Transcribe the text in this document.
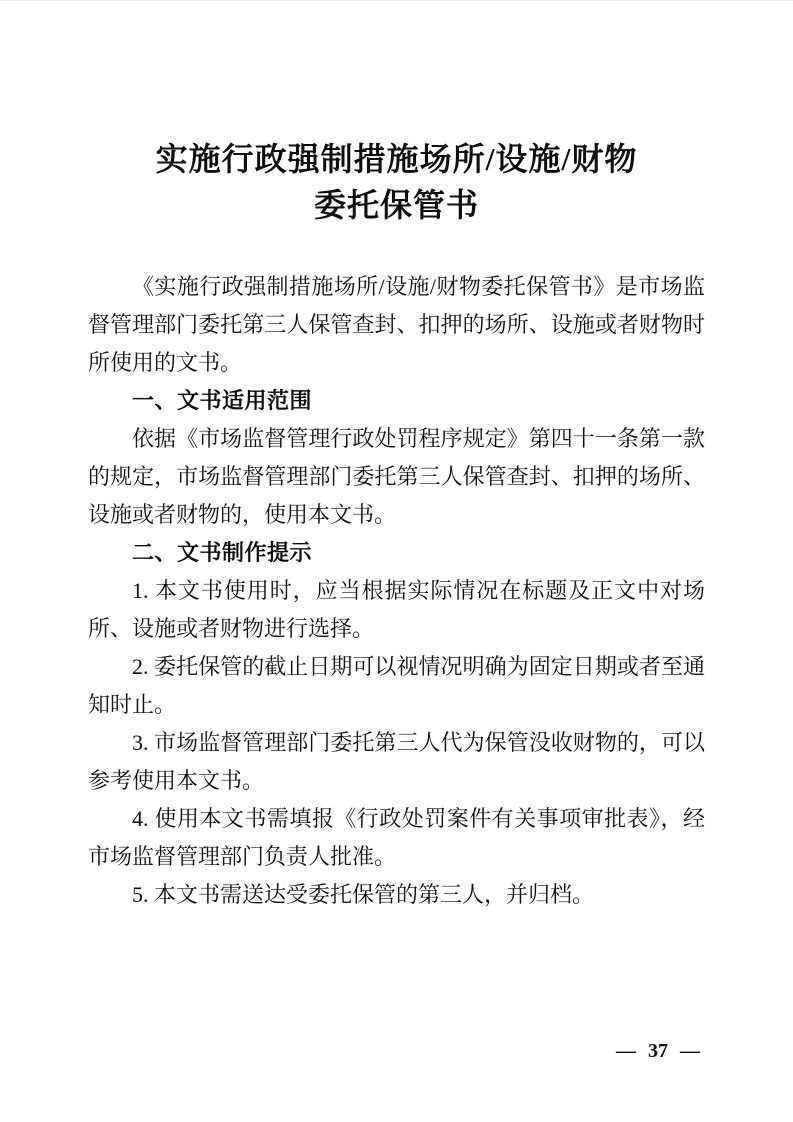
实施行政强制措施场所/设施/财物
委托保管书

《实施行政强制措施场所/设施/财物委托保管书》是市场监督管理部门委托第三人保管查封、扣押的场所、设施或者财物时所使用的文书。

一、文书适用范围

依据《市场监督管理行政处罚程序规定》第四十一条第一款的规定，市场监督管理部门委托第三人保管查封、扣押的场所、设施或者财物的，使用本文书。

二、文书制作提示

1. 本文书使用时，应当根据实际情况在标题及正文中对场所、设施或者财物进行选择。

2. 委托保管的截止日期可以视情况明确为固定日期或者至通知时止。

3. 市场监督管理部门委托第三人代为保管没收财物的，可以参考使用本文书。

4. 使用本文书需填报《行政处罚案件有关事项审批表》，经市场监督管理部门负责人批准。

5. 本文书需送达受委托保管的第三人，并归档。

— 37 —
